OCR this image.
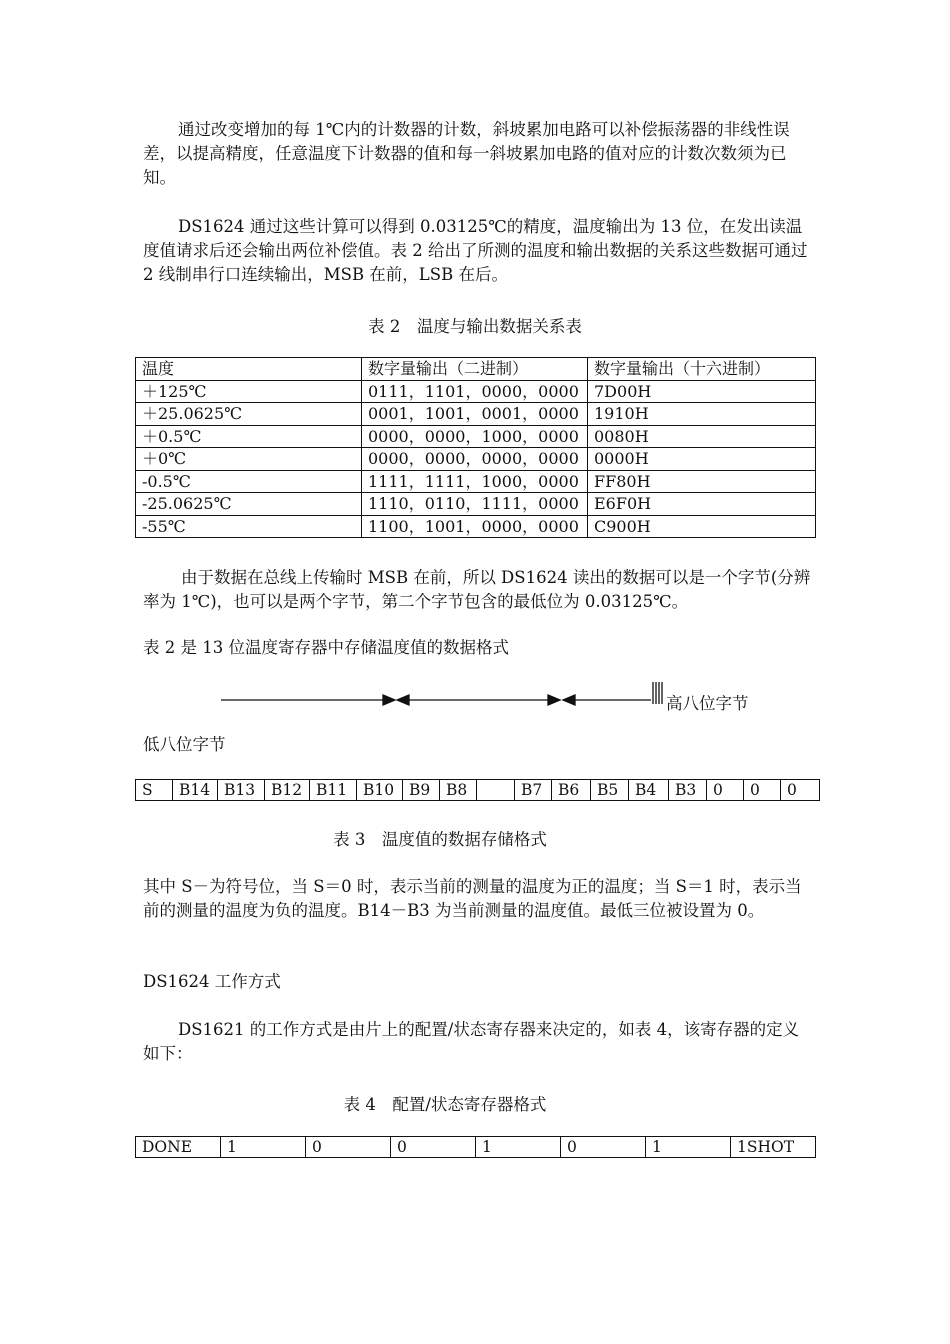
通过改变增加的每 1℃内的计数器的计数，斜坡累加电路可以补偿振荡器的非线性误差，以提高精度，任意温度下计数器的值和每一斜坡累加电路的值对应的计数次数须为已知。

DS1624 通过这些计算可以得到 0.03125℃的精度，温度输出为 13 位，在发出读温度值请求后还会输出两位补偿值。表 2 给出了所测的温度和输出数据的关系这些数据可通过 2 线制串行口连续输出，MSB 在前，LSB 在后。

表 2　温度与输出数据关系表
温度	数字量输出（二进制）	数字量输出（十六进制）
＋125℃	0111，1101，0000，0000	7D00H
＋25.0625℃	0001，1001，0001，0000	1910H
＋0.5℃	0000，0000，1000，0000	0080H
＋0℃	0000，0000，0000，0000	0000H
-0.5℃	1111，1111，1000，0000	FF80H
-25.0625℃	1110，0110，1111，0000	E6F0H
-55℃	1100，1001，0000，0000	C900H

由于数据在总线上传输时 MSB 在前，所以 DS1624 读出的数据可以是一个字节(分辨率为 1℃)，也可以是两个字节，第二个字节包含的最低位为 0.03125℃。

表 2 是 13 位温度寄存器中存储温度值的数据格式

高八位字节

低八位字节

S	B14	B13	B12	B11	B10	B9	B8		B7	B6	B5	B4	B3	0	0	0
表 3　温度值的数据存储格式

其中 S－为符号位，当 S＝0 时，表示当前的测量的温度为正的温度；当 S＝1 时，表示当前的测量的温度为负的温度。B14－B3 为当前测量的温度值。最低三位被设置为 0。

DS1624 工作方式

DS1621 的工作方式是由片上的配置/状态寄存器来决定的，如表 4，该寄存器的定义如下：

表 4　配置/状态寄存器格式
DONE	1	0	0	1	0	1	1SHOT
